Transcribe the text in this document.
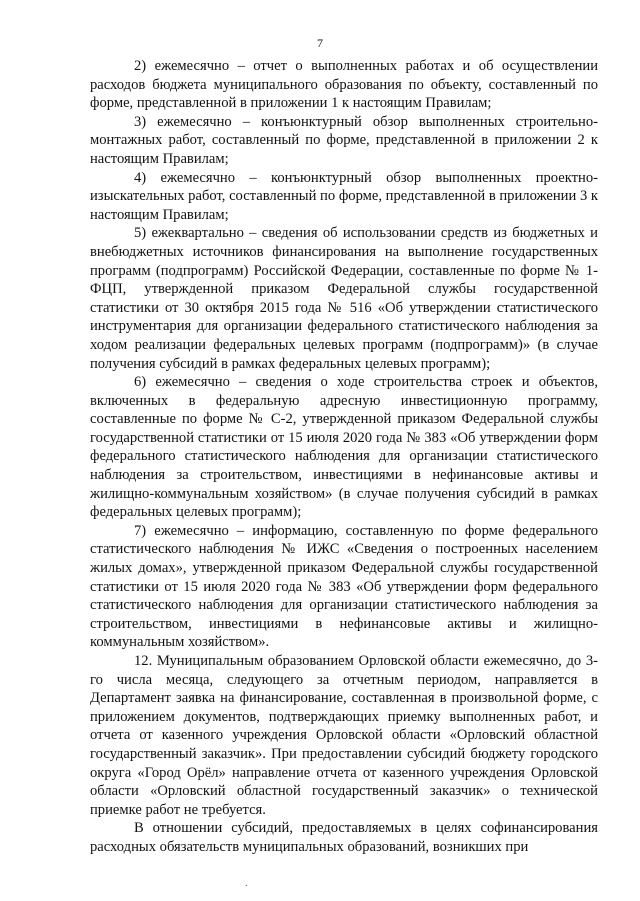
7

2) ежемесячно – отчет о выполненных работах и об осуществлении расходов бюджета муниципального образования по объекту, составленный по форме, представленной в приложении 1 к настоящим Правилам;

3) ежемесячно – конъюнктурный обзор выполненных строительно-монтажных работ, составленный по форме, представленной в приложении 2 к настоящим Правилам;

4) ежемесячно – конъюнктурный обзор выполненных проектно-изыскательных работ, составленный по форме, представленной в приложении 3 к настоящим Правилам;

5) ежеквартально – сведения об использовании средств из бюджетных и внебюджетных источников финансирования на выполнение государственных программ (подпрограмм) Российской Федерации, составленные по форме № 1-ФЦП, утвержденной приказом Федеральной службы государственной статистики от 30 октября 2015 года № 516 «Об утверждении статистического инструментария для организации федерального статистического наблюдения за ходом реализации федеральных целевых программ (подпрограмм)» (в случае получения субсидий в рамках федеральных целевых программ);

6) ежемесячно – сведения о ходе строительства строек и объектов, включенных в федеральную адресную инвестиционную программу, составленные по форме № С-2, утвержденной приказом Федеральной службы государственной статистики от 15 июля 2020 года № 383 «Об утверждении форм федерального статистического наблюдения для организации статистического наблюдения за строительством, инвестициями в нефинансовые активы и жилищно-коммунальным хозяйством» (в случае получения субсидий в рамках федеральных целевых программ);

7) ежемесячно – информацию, составленную по форме федерального статистического наблюдения № ИЖС «Сведения о построенных населением жилых домах», утвержденной приказом Федеральной службы государственной статистики от 15 июля 2020 года № 383 «Об утверждении форм федерального статистического наблюдения для организации статистического наблюдения за строительством, инвестициями в нефинансовые активы и жилищно-коммунальным хозяйством».

12. Муниципальным образованием Орловской области ежемесячно, до 3-го числа месяца, следующего за отчетным периодом, направляется в Департамент заявка на финансирование, составленная в произвольной форме, с приложением документов, подтверждающих приемку выполненных работ, и отчета от казенного учреждения Орловской области «Орловский областной государственный заказчик». При предоставлении субсидий бюджету городского округа «Город Орёл» направление отчета от казенного учреждения Орловской области «Орловский областной государственный заказчик» о технической приемке работ не требуется.

В отношении субсидий, предоставляемых в целях софинансирования расходных обязательств муниципальных образований, возникших при

.
